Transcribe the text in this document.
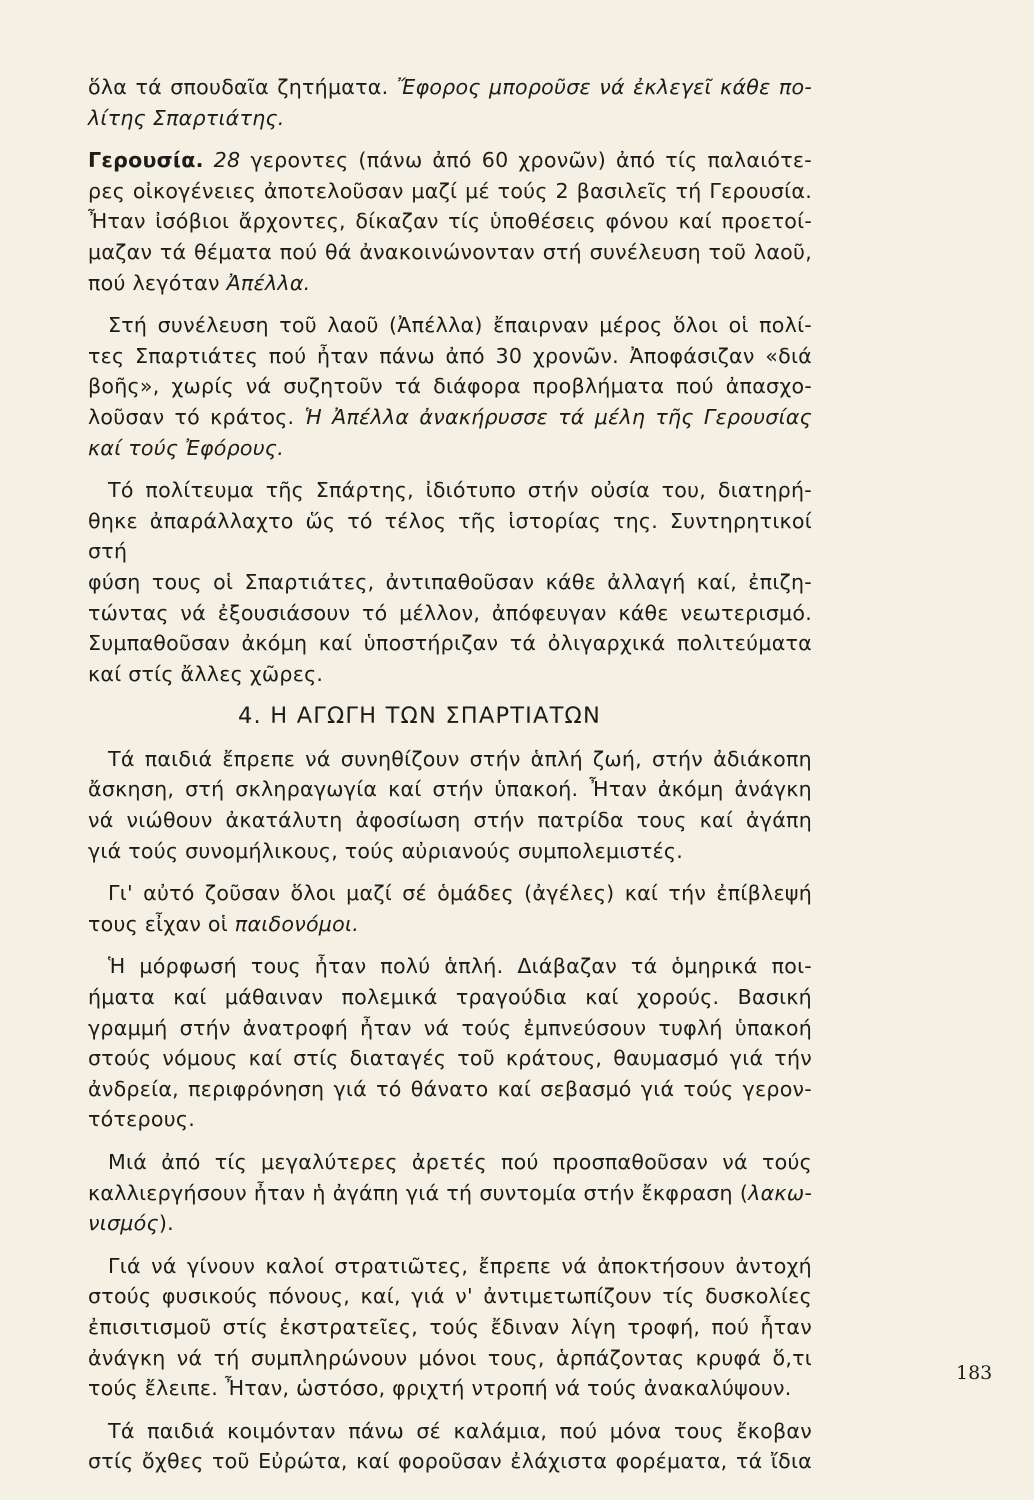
ὅλα τά σπουδαῖα ζητήματα. Ἔφορος μποροῦσε νά ἐκλεγεῖ κάθε πο-
λίτης Σπαρτιάτης.

Γερουσία. 28 γεροντες (πάνω ἀπό 60 χρονῶν) ἀπό τίς παλαιότε-
ρες οἰκογένειες ἀποτελοῦσαν μαζί μέ τούς 2 βασιλεῖς τή Γερουσία.
Ἦταν ἰσόβιοι ἄρχοντες, δίκαζαν τίς ὑποθέσεις φόνου καί προετοί-
μαζαν τά θέματα πού θά ἀνακοινώνονταν στή συνέλευση τοῦ λαοῦ,
πού λεγόταν Ἀπέλλα.

Στή συνέλευση τοῦ λαοῦ (Ἀπέλλα) ἔπαιρναν μέρος ὅλοι οἱ πολί-
τες Σπαρτιάτες πού ἦταν πάνω ἀπό 30 χρονῶν. Ἀποφάσιζαν «διά
βοῆς», χωρίς νά συζητοῦν τά διάφορα προβλήματα πού ἀπασχο-
λοῦσαν τό κράτος. Ἡ Ἀπέλλα ἀνακήρυσσε τά μέλη τῆς Γερουσίας
καί τούς Ἐφόρους.

Τό πολίτευμα τῆς Σπάρτης, ἰδιότυπο στήν οὐσία του, διατηρή-
θηκε ἀπαράλλαχτο ὥς τό τέλος τῆς ἱστορίας της. Συντηρητικοί στή
φύση τους οἱ Σπαρτιάτες, ἀντιπαθοῦσαν κάθε ἀλλαγή καί, ἐπιζη-
τώντας νά ἐξουσιάσουν τό μέλλον, ἀπόφευγαν κάθε νεωτερισμό.
Συμπαθοῦσαν ἀκόμη καί ὑποστήριζαν τά ὀλιγαρχικά πολιτεύματα
καί στίς ἄλλες χῶρες.

4. Η ΑΓΩΓΗ ΤΩΝ ΣΠΑΡΤΙΑΤΩΝ

Τά παιδιά ἔπρεπε νά συνηθίζουν στήν ἁπλή ζωή, στήν ἀδιάκοπη
ἄσκηση, στή σκληραγωγία καί στήν ὑπακοή. Ἦταν ἀκόμη ἀνάγκη
νά νιώθουν ἀκατάλυτη ἀφοσίωση στήν πατρίδα τους καί ἀγάπη
γιά τούς συνομήλικους, τούς αὐριανούς συμπολεμιστές.

Γι' αὐτό ζοῦσαν ὅλοι μαζί σέ ὁμάδες (ἀγέλες) καί τήν ἐπίβλεψή
τους εἶχαν οἱ παιδονόμοι.

Ἡ μόρφωσή τους ἦταν πολύ ἁπλή. Διάβαζαν τά ὁμηρικά ποι-
ήματα καί μάθαιναν πολεμικά τραγούδια καί χορούς. Βασική
γραμμή στήν ἀνατροφή ἦταν νά τούς ἐμπνεύσουν τυφλή ὑπακοή
στούς νόμους καί στίς διαταγές τοῦ κράτους, θαυμασμό γιά τήν
ἀνδρεία, περιφρόνηση γιά τό θάνατο καί σεβασμό γιά τούς γερον-
τότερους.

Μιά ἀπό τίς μεγαλύτερες ἀρετές πού προσπαθοῦσαν νά τούς
καλλιεργήσουν ἦταν ἡ ἀγάπη γιά τή συντομία στήν ἔκφραση (λακω-
νισμός).

Γιά νά γίνουν καλοί στρατιῶτες, ἔπρεπε νά ἀποκτήσουν ἀντοχή
στούς φυσικούς πόνους, καί, γιά ν' ἀντιμετωπίζουν τίς δυσκολίες
ἐπισιτισμοῦ στίς ἐκστρατεῖες, τούς ἔδιναν λίγη τροφή, πού ἦταν
ἀνάγκη νά τή συμπληρώνουν μόνοι τους, ἁρπάζοντας κρυφά ὅ,τι
τούς ἔλειπε. Ἦταν, ὡστόσο, φριχτή ντροπή νά τούς ἀνακαλύψουν.

Τά παιδιά κοιμόνταν πάνω σέ καλάμια, πού μόνα τους ἔκοβαν
στίς ὄχθες τοῦ Εὐρώτα, καί φοροῦσαν ἐλάχιστα φορέματα, τά ἴδια

183
